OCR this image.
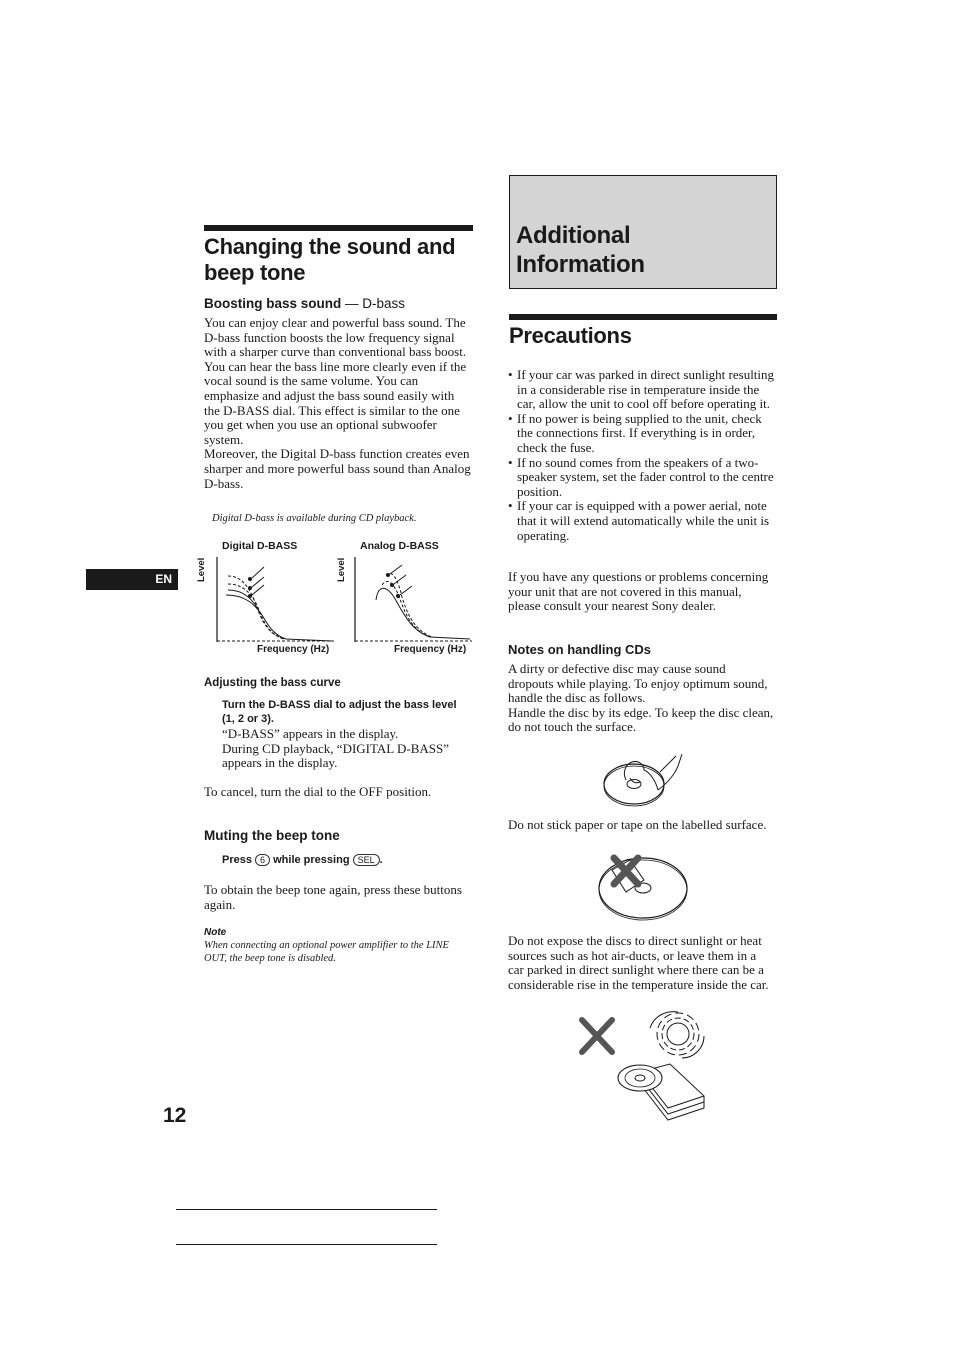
Changing the sound and beep tone
Boosting bass sound — D-bass
You can enjoy clear and powerful bass sound. The D-bass function boosts the low frequency signal with a sharper curve than conventional bass boost.
You can hear the bass line more clearly even if the vocal sound is the same volume. You can emphasize and adjust the bass sound easily with the D-BASS dial. This effect is similar to the one you get when you use an optional subwoofer system.
Moreover, the Digital D-bass function creates even sharper and more powerful bass sound than Analog D-bass.
Digital D-bass is available during CD playback.
Digital D-BASS
Level
Frequency (Hz)
Analog D-BASS
Level
Frequency (Hz)
Adjusting the bass curve
Turn the D-BASS dial to adjust the bass level (1, 2 or 3).
“D-BASS” appears in the display.
During CD playback, “DIGITAL D-BASS” appears in the display.
To cancel, turn the dial to the OFF position.
Muting the beep tone
Press 6 while pressing SEL .
To obtain the beep tone again, press these buttons again.
Note
When connecting an optional power amplifier to the LINE OUT, the beep tone is disabled.
EN
12
Additional Information
Precautions
• If your car was parked in direct sunlight resulting in a considerable rise in temperature inside the car, allow the unit to cool off before operating it.
• If no power is being supplied to the unit, check the connections first. If everything is in order, check the fuse.
• If no sound comes from the speakers of a two-speaker system, set the fader control to the centre position.
• If your car is equipped with a power aerial, note that it will extend automatically while the unit is operating.
If you have any questions or problems concerning your unit that are not covered in this manual, please consult your nearest Sony dealer.
Notes on handling CDs
A dirty or defective disc may cause sound dropouts while playing. To enjoy optimum sound, handle the disc as follows.
Handle the disc by its edge. To keep the disc clean, do not touch the surface.
Do not stick paper or tape on the labelled surface.
Do not expose the discs to direct sunlight or heat sources such as hot air-ducts, or leave them in a car parked in direct sunlight where there can be a considerable rise in the temperature inside the car.
